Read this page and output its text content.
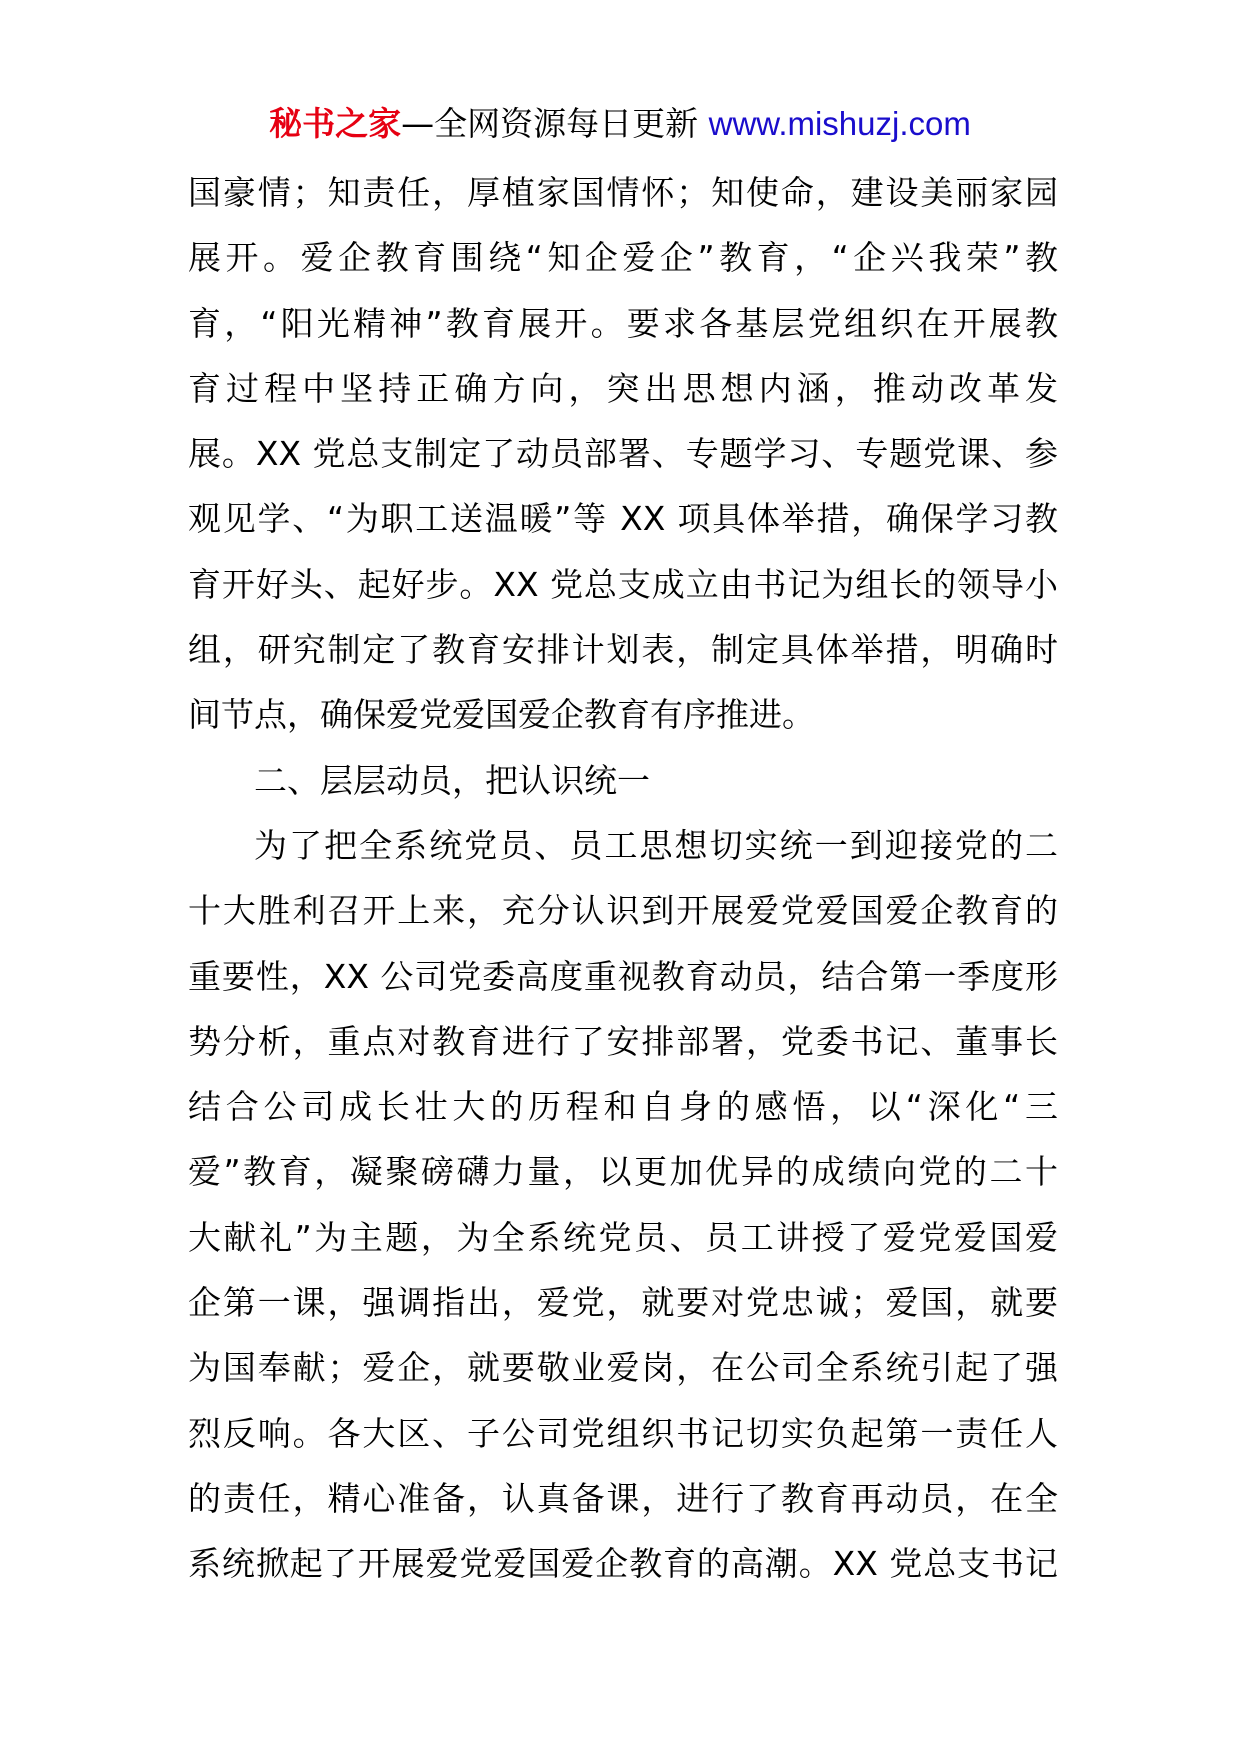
秘书之家—全网资源每日更新 www.mishuzj.com
国豪情；知责任，厚植家国情怀；知使命，建设美丽家园
展开。爱企教育围绕“知企爱企”教育，“企兴我荣”教
育，“阳光精神”教育展开。要求各基层党组织在开展教
育过程中坚持正确方向，突出思想内涵，推动改革发
展。XX 党总支制定了动员部署、专题学习、专题党课、参
观见学、“为职工送温暖”等 XX 项具体举措，确保学习教
育开好头、起好步。XX 党总支成立由书记为组长的领导小
组，研究制定了教育安排计划表，制定具体举措，明确时
间节点，确保爱党爱国爱企教育有序推进。
二、层层动员，把认识统一
为了把全系统党员、员工思想切实统一到迎接党的二
十大胜利召开上来，充分认识到开展爱党爱国爱企教育的
重要性，XX 公司党委高度重视教育动员，结合第一季度形
势分析，重点对教育进行了安排部署，党委书记、董事长
结合公司成长壮大的历程和自身的感悟，以“深化“三
爱”教育，凝聚磅礴力量，以更加优异的成绩向党的二十
大献礼”为主题，为全系统党员、员工讲授了爱党爱国爱
企第一课，强调指出，爱党，就要对党忠诚；爱国，就要
为国奉献；爱企，就要敬业爱岗，在公司全系统引起了强
烈反响。各大区、子公司党组织书记切实负起第一责任人
的责任，精心准备，认真备课，进行了教育再动员，在全
系统掀起了开展爱党爱国爱企教育的高潮。XX 党总支书记
